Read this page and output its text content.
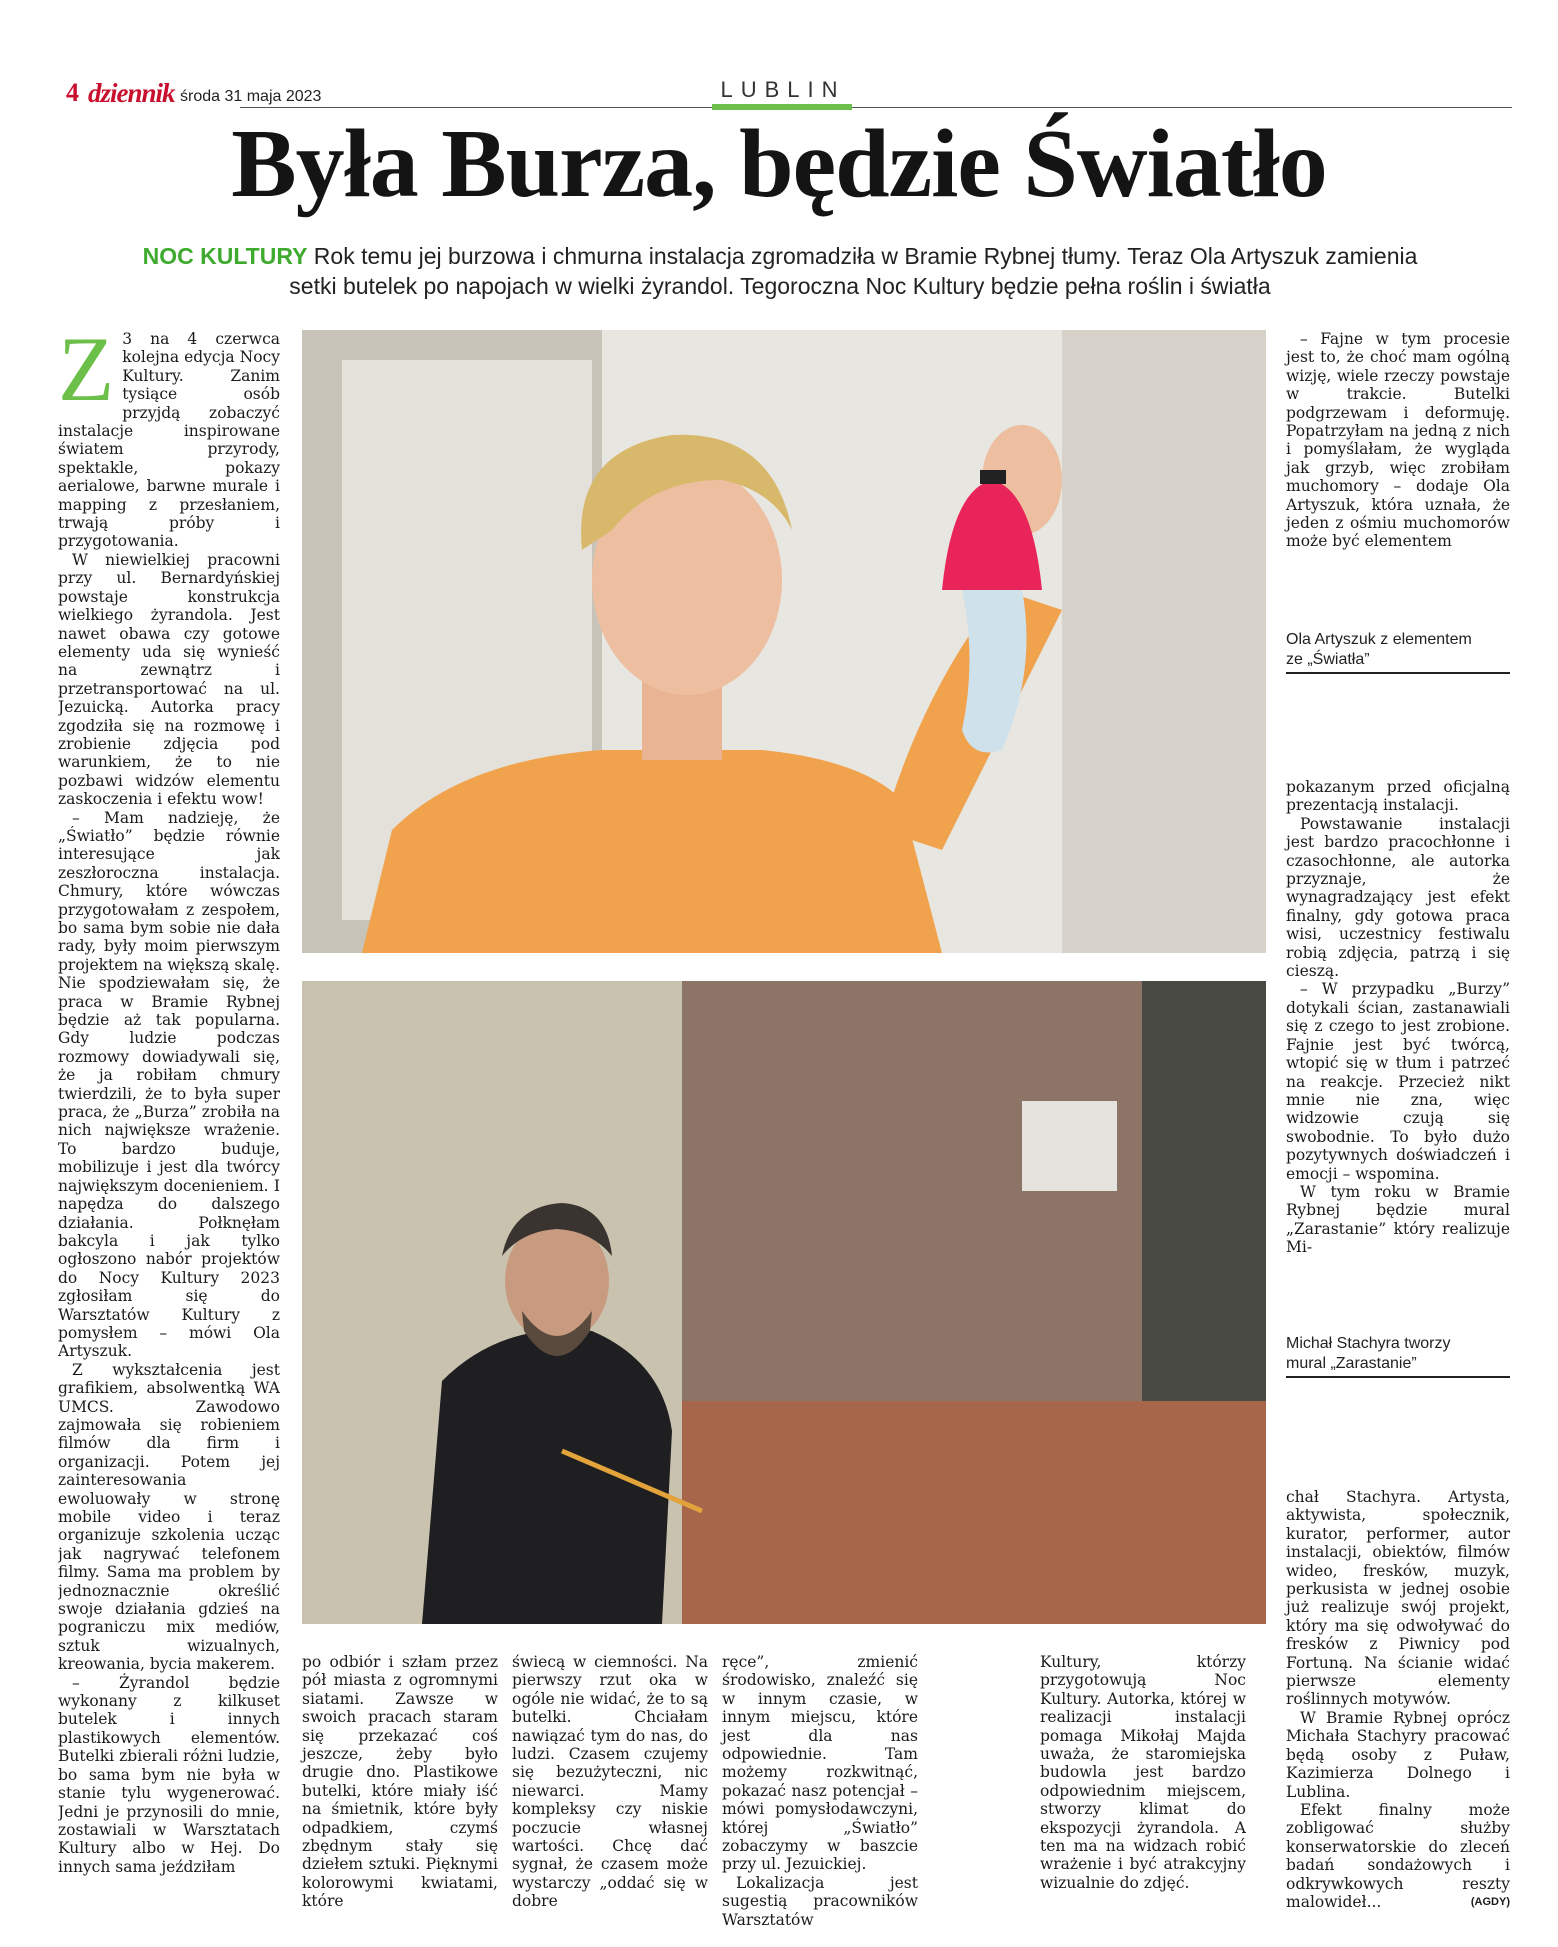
4 dziennik środa 31 maja 2023	LUBLIN
Była Burza, będzie Światło
NOC KULTURY Rok temu jej burzowa i chmurna instalacja zgromadziła w Bramie Rybnej tłumy. Teraz Ola Artyszuk zamienia
setki butelek po napojach w wielki żyrandol. Tegoroczna Noc Kultury będzie pełna roślin i światła
Z 3 na 4 czerwca kolejna edycja Nocy Kultury. Zanim tysiące osób przyjdą zobaczyć instalacje inspirowane światem przyrody, spektakle, pokazy aerialowe, barwne murale i mapping z przesłaniem, trwają próby i przygotowania.

W niewielkiej pracowni przy ul. Bernardyńskiej powstaje konstrukcja wielkiego żyrandola. Jest nawet obawa czy gotowe elementy uda się wynieść na zewnątrz i przetransportować na ul. Jezuicką. Autorka pracy zgodziła się na rozmowę i zrobienie zdjęcia pod warunkiem, że to nie pozbawi widzów elementu zaskoczenia i efektu wow!

– Mam nadzieję, że „Światło” będzie równie interesujące jak zeszłoroczna instalacja. Chmury, które wówczas przygotowałam z zespołem, bo sama bym sobie nie dała rady, były moim pierwszym projektem na większą skalę. Nie spodziewałam się, że praca w Bramie Rybnej będzie aż tak popularna. Gdy ludzie podczas rozmowy dowiadywali się, że ja robiłam chmury twierdzili, że to była super praca, że „Burza” zrobiła na nich największe wrażenie. To bardzo buduje, mobilizuje i jest dla twórcy największym docenieniem. I napędza do dalszego działania. Połknęłam bakcyla i jak tylko ogłoszono nabór projektów do Nocy Kultury 2023 zgłosiłam się do Warsztatów Kultury z pomysłem – mówi Ola Artyszuk.

Z wykształcenia jest grafikiem, absolwentką WA UMCS. Zawodowo zajmowała się robieniem filmów dla firm i organizacji. Potem jej zainteresowania ewoluowały w stronę mobile video i teraz organizuje szkolenia ucząc jak nagrywać telefonem filmy. Sama ma problem by jednoznacznie określić swoje działania gdzieś na pograniczu mix mediów, sztuk wizualnych, kreowania, bycia makerem.

– Żyrandol będzie wykonany z kilkuset butelek i innych plastikowych elementów. Butelki zbierali różni ludzie, bo sama bym nie była w stanie tylu wygenerować. Jedni je przynosili do mnie, zostawiali w Warsztatach Kultury albo w Hej. Do innych sama jeździłam

po odbiór i szłam przez pół miasta z ogromnymi siatami. Zawsze w swoich pracach staram się przekazać coś jeszcze, żeby było drugie dno. Plastikowe butelki, które miały iść na śmietnik, które były odpadkiem, czymś zbędnym stały się dziełem sztuki. Pięknymi kolorowymi kwiatami, które

świecą w ciemności. Na pierwszy rzut oka w ogóle nie widać, że to są butelki. Chciałam nawiązać tym do nas, do ludzi. Czasem czujemy się bezużyteczni, nic niewarci. Mamy kompleksy czy niskie poczucie własnej wartości. Chcę dać sygnał, że czasem może wystarczy „oddać się w dobre

ręce”, zmienić środowisko, znaleźć się w innym czasie, w innym miejscu, które jest dla nas odpowiednie. Tam możemy rozkwitnąć, pokazać nasz potencjał – mówi pomysłodawczyni, której „Światło” zobaczymy w baszcie przy ul. Jezuickiej.

Lokalizacja jest sugestią pracowników Warsztatów

Kultury, którzy przygotowują Noc Kultury. Autorka, której w realizacji instalacji pomaga Mikołaj Majda uważa, że staromiejska budowla jest bardzo odpowiednim miejscem, stworzy klimat do ekspozycji żyrandola. A ten ma na widzach robić wrażenie i być atrakcyjny wizualnie do zdjęć.

– Fajne w tym procesie jest to, że choć mam ogólną wizję, wiele rzeczy powstaje w trakcie. Butelki podgrzewam i deformuję. Popatrzyłam na jedną z nich i pomyślałam, że wygląda jak grzyb, więc zrobiłam muchomory – dodaje Ola Artyszuk, która uznała, że jeden z ośmiu muchomorów może być elementem

Ola Artyszuk z elementem
ze „Światła”

pokazanym przed oficjalną prezentacją instalacji.

Powstawanie instalacji jest bardzo pracochłonne i czasochłonne, ale autorka przyznaje, że wynagradzający jest efekt finalny, gdy gotowa praca wisi, uczestnicy festiwalu robią zdjęcia, patrzą i się cieszą.

– W przypadku „Burzy” dotykali ścian, zastanawiali się z czego to jest zrobione. Fajnie jest być twórcą, wtopić się w tłum i patrzeć na reakcje. Przecież nikt mnie nie zna, więc widzowie czują się swobodnie. To było dużo pozytywnych doświadczeń i emocji – wspomina.

W tym roku w Bramie Rybnej będzie mural „Zarastanie” który realizuje Mi-

Michał Stachyra tworzy
mural „Zarastanie”

chał Stachyra. Artysta, aktywista, społecznik, kurator, performer, autor instalacji, obiektów, filmów wideo, fresków, muzyk, perkusista w jednej osobie już realizuje swój projekt, który ma się odwoływać do fresków z Piwnicy pod Fortuną. Na ścianie widać pierwsze elementy roślinnych motywów.

W Bramie Rybnej oprócz Michała Stachyry pracować będą osoby z Puław, Kazimierza Dolnego i Lublina.

Efekt finalny może zobligować służby konserwatorskie do zleceń badań sondażowych i odkrywkowych reszty malowideł...	(AGDY)
